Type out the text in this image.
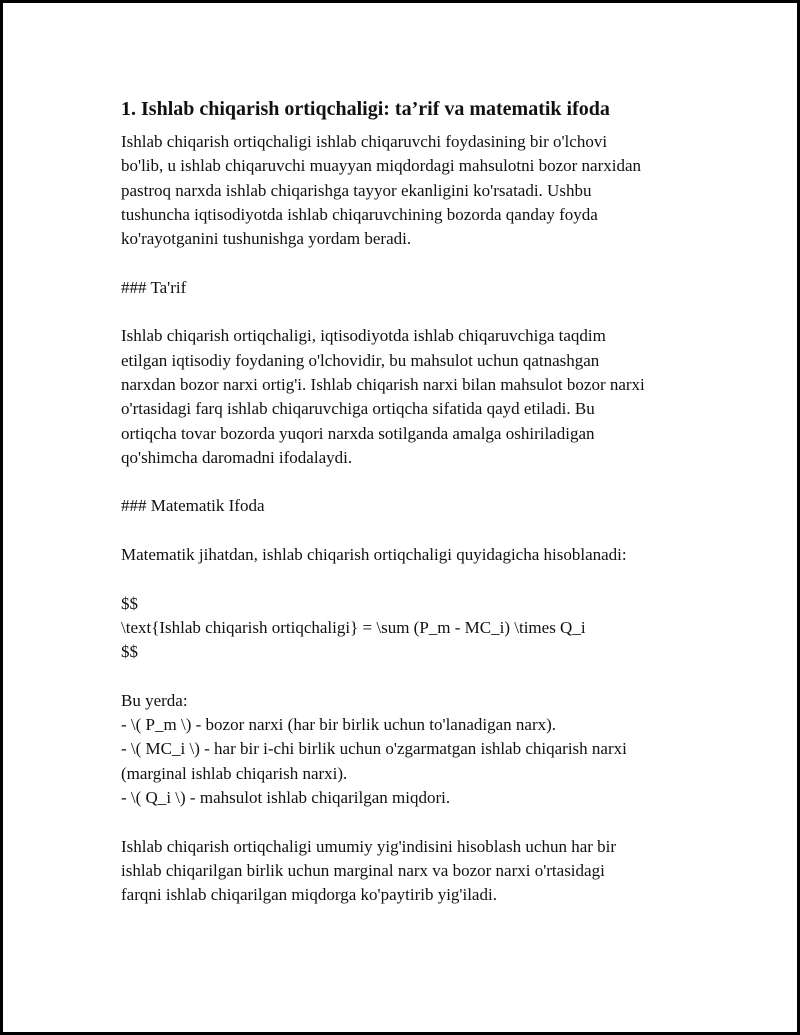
1. Ishlab chiqarish ortiqchaligi: ta’rif va matematik ifoda

Ishlab chiqarish ortiqchaligi ishlab chiqaruvchi foydasining bir o'lchovi
bo'lib, u ishlab chiqaruvchi muayyan miqdordagi mahsulotni bozor narxidan
pastroq narxda ishlab chiqarishga tayyor ekanligini ko'rsatadi. Ushbu
tushuncha iqtisodiyotda ishlab chiqaruvchining bozorda qanday foyda
ko'rayotganini tushunishga yordam beradi.

### Ta'rif

Ishlab chiqarish ortiqchaligi, iqtisodiyotda ishlab chiqaruvchiga taqdim
etilgan iqtisodiy foydaning o'lchovidir, bu mahsulot uchun qatnashgan
narxdan bozor narxi ortig'i. Ishlab chiqarish narxi bilan mahsulot bozor narxi
o'rtasidagi farq ishlab chiqaruvchiga ortiqcha sifatida qayd etiladi. Bu
ortiqcha tovar bozorda yuqori narxda sotilganda amalga oshiriladigan
qo'shimcha daromadni ifodalaydi.

### Matematik Ifoda

Matematik jihatdan, ishlab chiqarish ortiqchaligi quyidagicha hisoblanadi:

$$
\text{Ishlab chiqarish ortiqchaligi} = \sum (P_m - MC_i) \times Q_i
$$

Bu yerda:
- \( P_m \) - bozor narxi (har bir birlik uchun to'lanadigan narx).
- \( MC_i \) - har bir i-chi birlik uchun o'zgarmatgan ishlab chiqarish narxi
(marginal ishlab chiqarish narxi).
- \( Q_i \) - mahsulot ishlab chiqarilgan miqdori.

Ishlab chiqarish ortiqchaligi umumiy yig'indisini hisoblash uchun har bir
ishlab chiqarilgan birlik uchun marginal narx va bozor narxi o'rtasidagi
farqni ishlab chiqarilgan miqdorga ko'paytirib yig'iladi.
